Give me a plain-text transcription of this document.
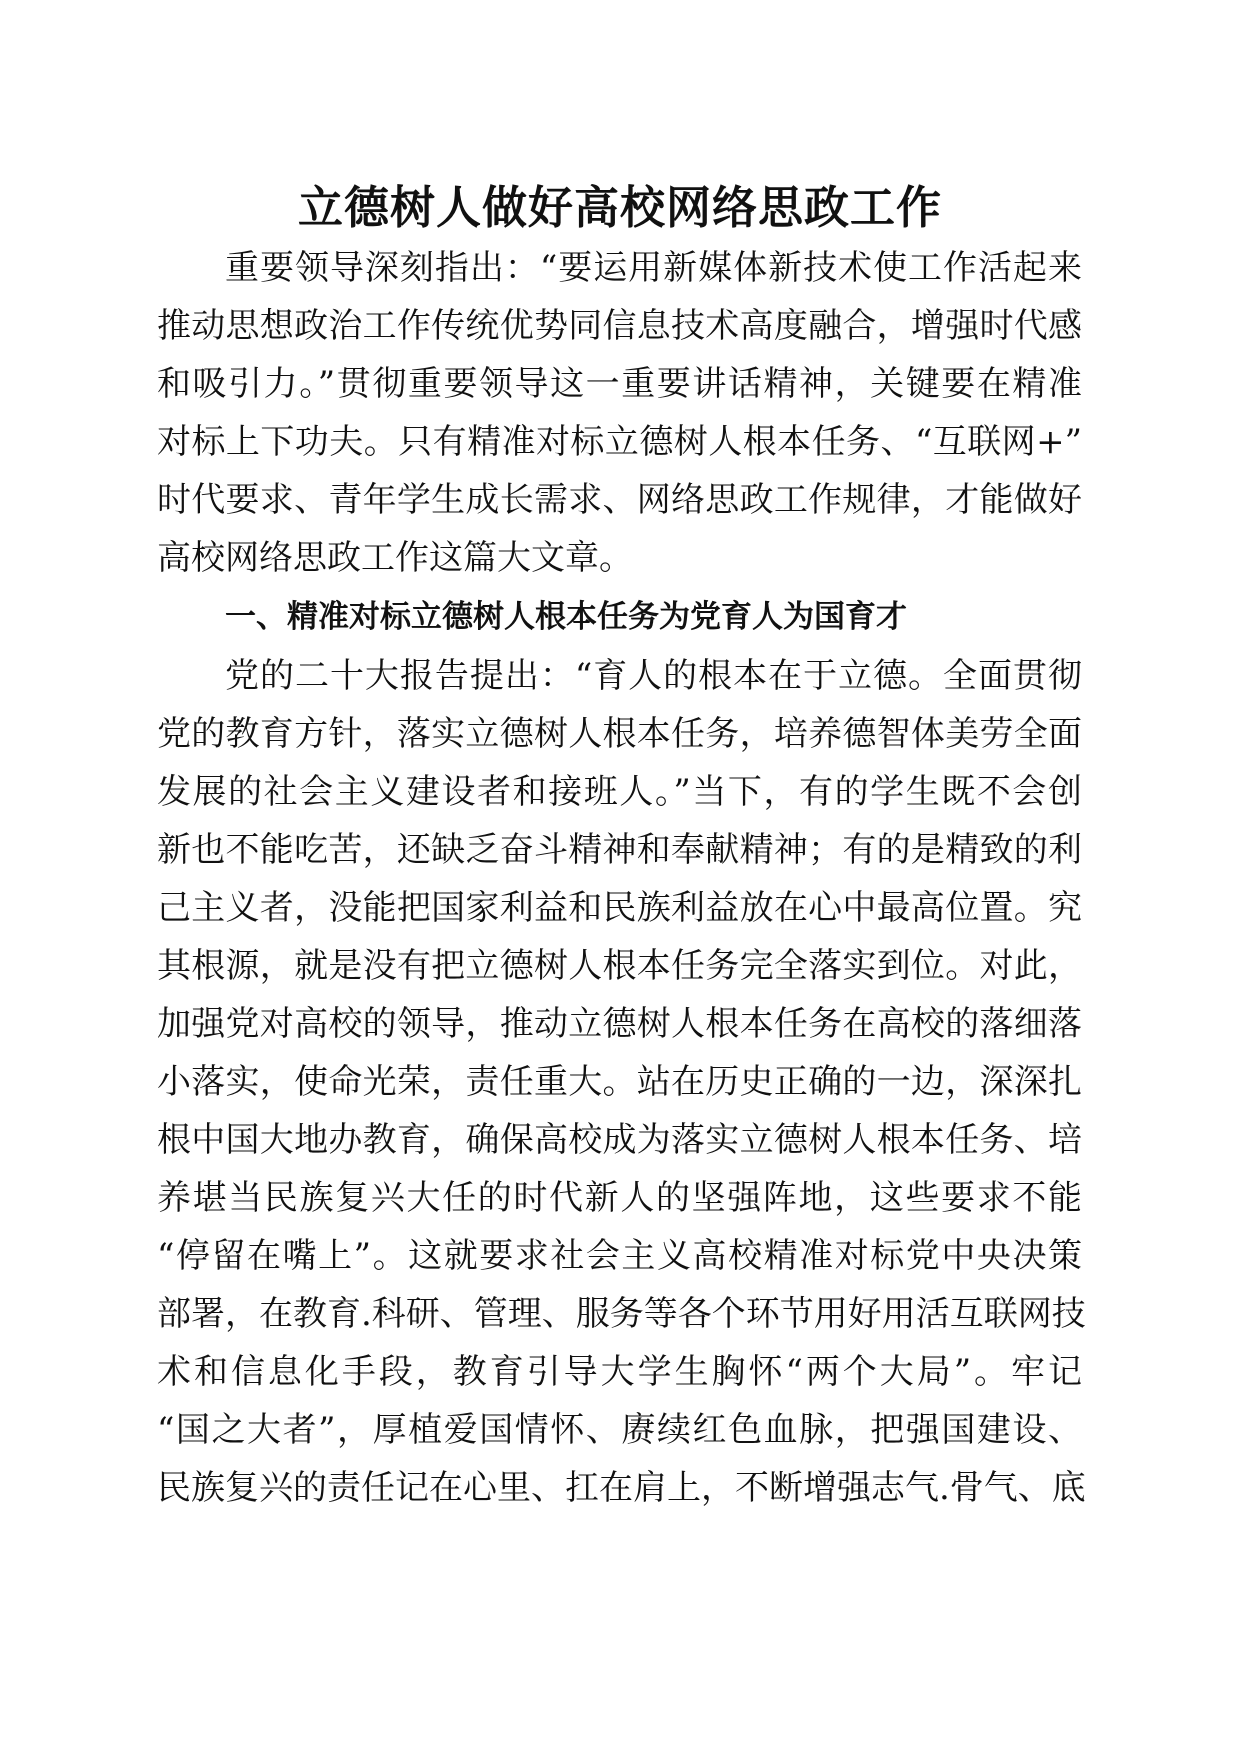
立德树人做好高校网络思政工作

重要领导深刻指出：“要运用新媒体新技术使工作活起来

推动思想政治工作传统优势同信息技术高度融合，增强时代感

和吸引力。”贯彻重要领导这一重要讲话精神，关键要在精准

对标上下功夫。只有精准对标立德树人根本任务、“互联网+”

时代要求、青年学生成长需求、网络思政工作规律，才能做好

高校网络思政工作这篇大文章。

一、精准对标立德树人根本任务为党育人为国育才

党的二十大报告提出：“育人的根本在于立德。全面贯彻

党的教育方针，落实立德树人根本任务，培养德智体美劳全面

发展的社会主义建设者和接班人。”当下，有的学生既不会创

新也不能吃苦，还缺乏奋斗精神和奉献精神；有的是精致的利

己主义者，没能把国家利益和民族利益放在心中最高位置。究

其根源，就是没有把立德树人根本任务完全落实到位。对此，

加强党对高校的领导，推动立德树人根本任务在高校的落细落

小落实，使命光荣，责任重大。站在历史正确的一边，深深扎

根中国大地办教育，确保高校成为落实立德树人根本任务、培

养堪当民族复兴大任的时代新人的坚强阵地，这些要求不能

“停留在嘴上”。这就要求社会主义高校精准对标党中央决策

部署，在教育.科研、管理、服务等各个环节用好用活互联网技

术和信息化手段，教育引导大学生胸怀“两个大局”。牢记

“国之大者”，厚植爱国情怀、赓续红色血脉，把强国建设、

民族复兴的责任记在心里、扛在肩上，不断增强志气.骨气、底
